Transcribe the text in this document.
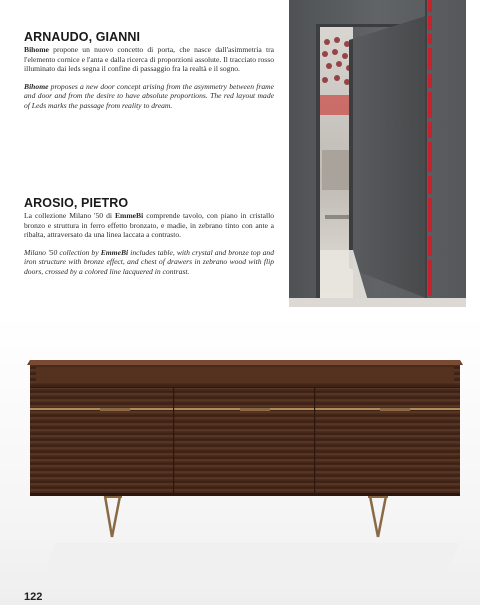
ARNAUDO, GIANNI

Bihome propone un nuovo concetto di porta, che nasce dall'asimmetria tra l'elemento cornice e l'anta e dalla ricerca di proporzioni assolute. Il tracciato rosso illuminato dai leds segna il confine di passaggio fra la realtà e il sogno.

Bihome proposes a new door concept arising from the asymmetry between frame and door and from the desire to have absolute proportions. The red layout made of Leds marks the passage from reality to dream.

AROSIO, PIETRO

La collezione Milano '50 di EmmeBi comprende tavolo, con piano in cristallo bronzo e struttura in ferro effetto bronzato, e madie, in zebrano tinto con ante a ribalta, attraversato da una linea laccata a contrasto.

Milano '50 collection by EmmeBi includes table, with crystal and bronze top and iron structure with bronze effect, and chest of drawers in zebrano wood with flip doors, crossed by a colored line lacquered in contrast.

122
